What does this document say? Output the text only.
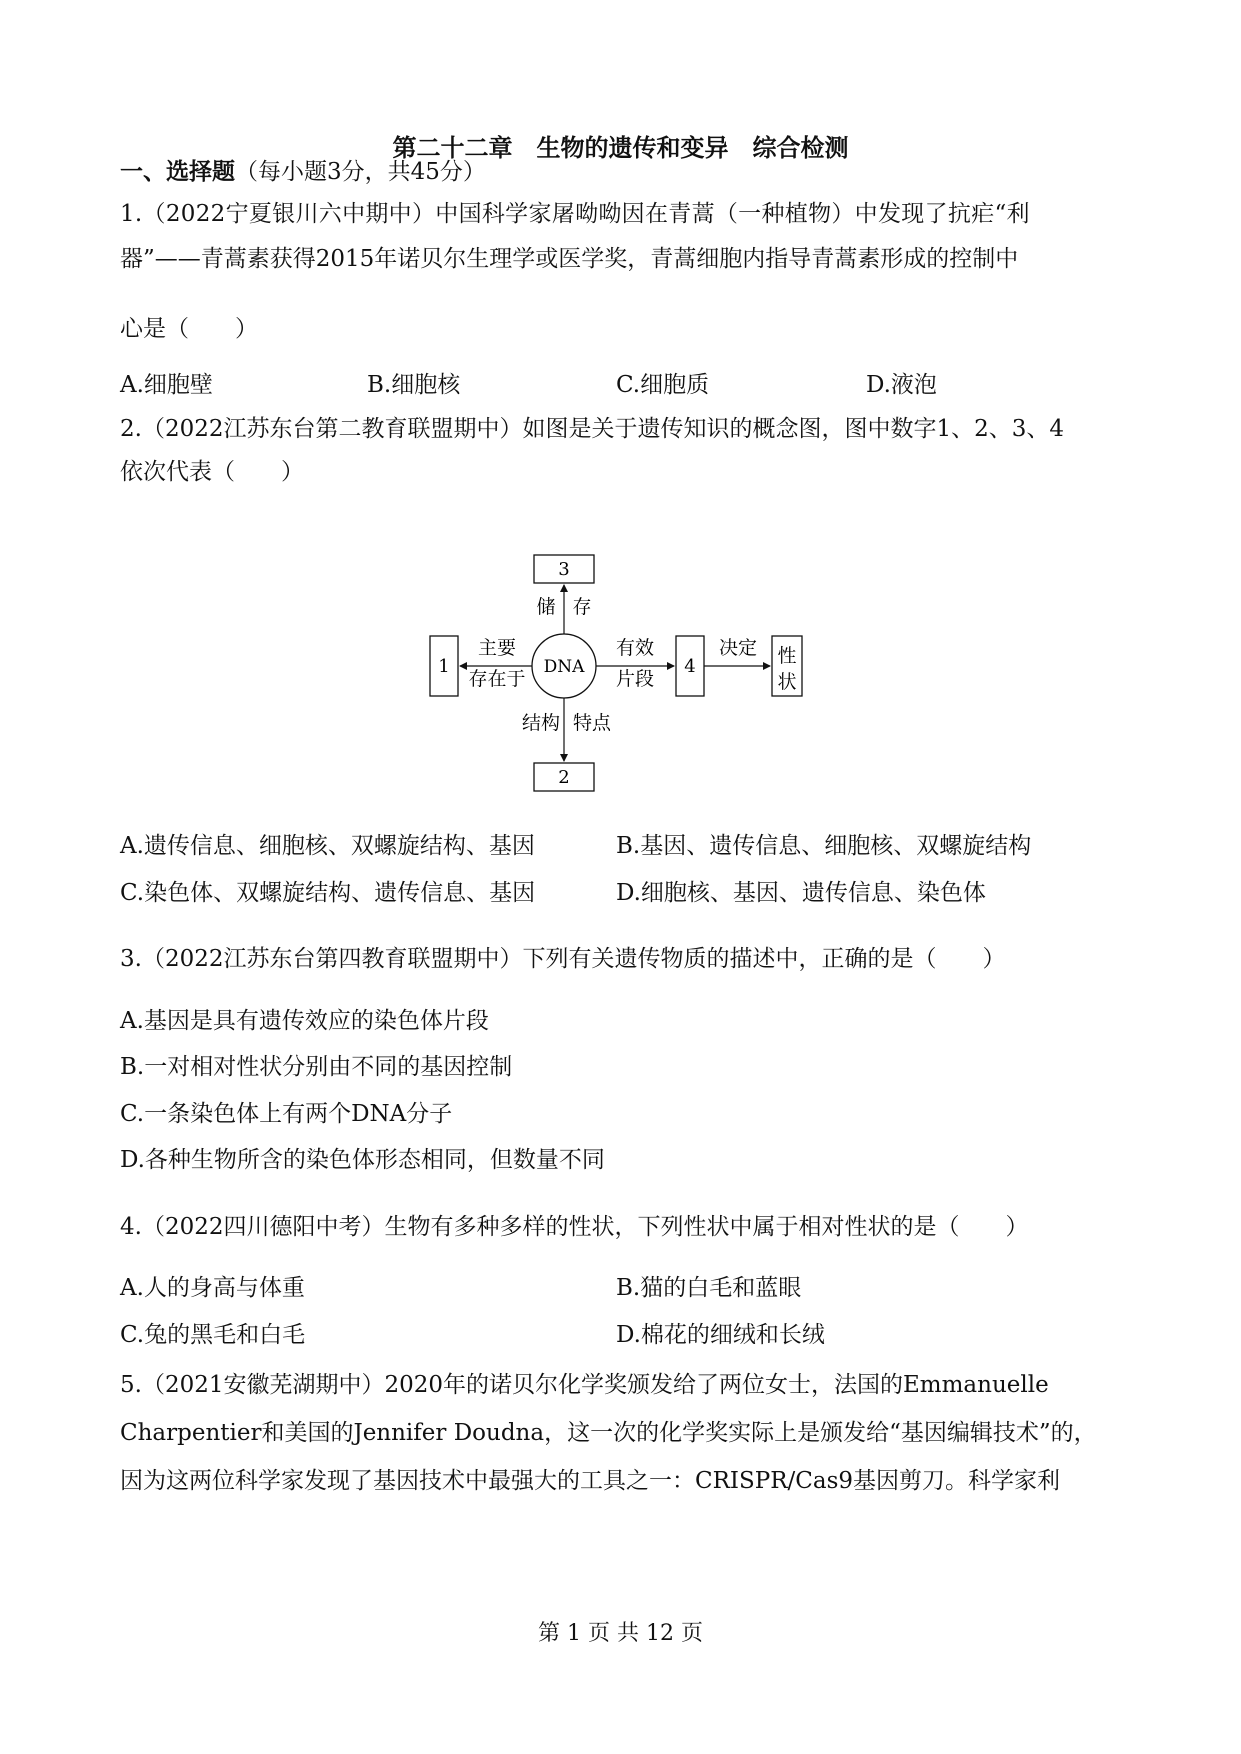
第二十二章　生物的遗传和变异　综合检测
一、选择题（每小题3分，共45分）
1.（2022宁夏银川六中期中）中国科学家屠呦呦因在青蒿（一种植物）中发现了抗疟“利
器”——青蒿素获得2015年诺贝尔生理学或医学奖，青蒿细胞内指导青蒿素形成的控制中
心是（　　）
A.细胞壁	B.细胞核	C.细胞质	D.液泡
2.（2022江苏东台第二教育联盟期中）如图是关于遗传知识的概念图，图中数字1、2、3、4
依次代表（　　）
3
2
1	4	性
状
DNA
储 存
主要
存在于
有效
片段
决定
结构 特点
A.遗传信息、细胞核、双螺旋结构、基因	B.基因、遗传信息、细胞核、双螺旋结构
C.染色体、双螺旋结构、遗传信息、基因	D.细胞核、基因、遗传信息、染色体
3.（2022江苏东台第四教育联盟期中）下列有关遗传物质的描述中，正确的是（　　）
A.基因是具有遗传效应的染色体片段
B.一对相对性状分别由不同的基因控制
C.一条染色体上有两个DNA分子
D.各种生物所含的染色体形态相同，但数量不同
4.（2022四川德阳中考）生物有多种多样的性状，下列性状中属于相对性状的是（　　）
A.人的身高与体重	B.猫的白毛和蓝眼
C.兔的黑毛和白毛	D.棉花的细绒和长绒
5.（2021安徽芜湖期中）2020年的诺贝尔化学奖颁发给了两位女士，法国的Emmanuelle
Charpentier和美国的Jennifer Doudna，这一次的化学奖实际上是颁发给“基因编辑技术”的，
因为这两位科学家发现了基因技术中最强大的工具之一：CRISPR/Cas9基因剪刀。科学家利
第 1 页 共 12 页
